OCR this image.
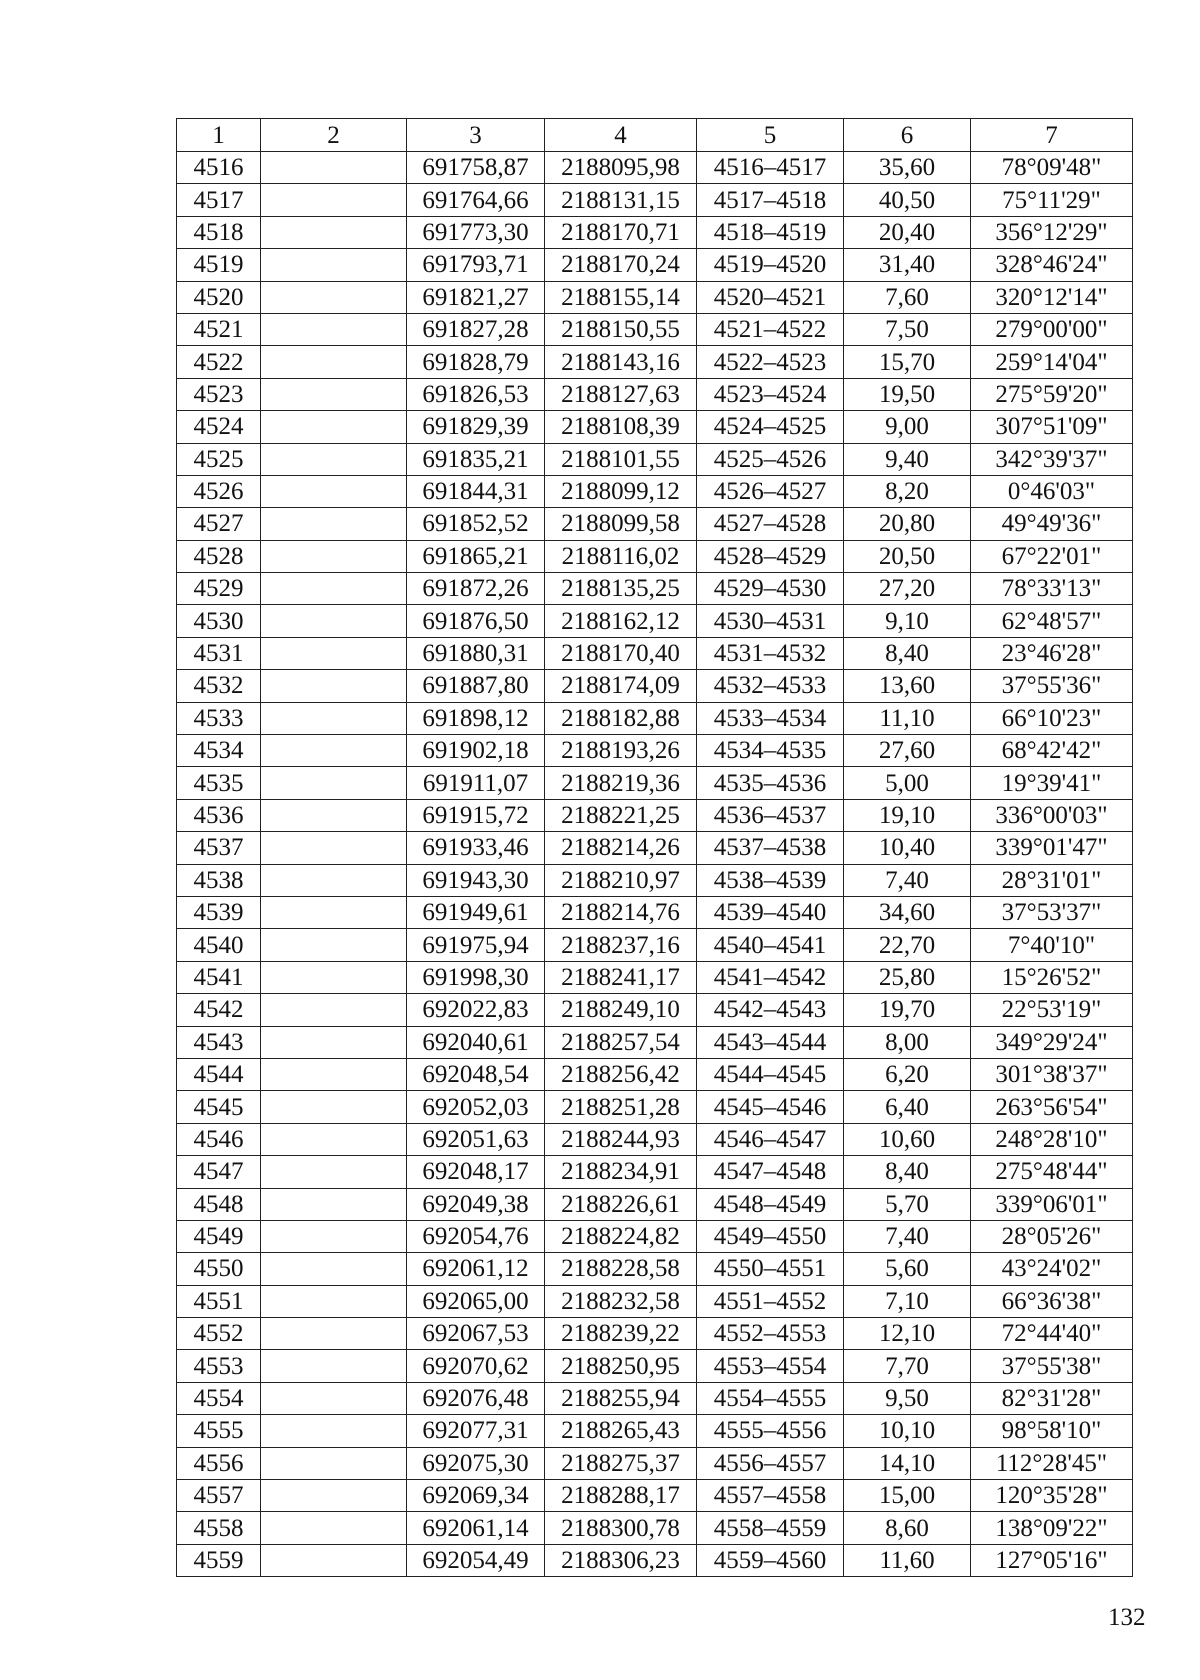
1	2	3	4	5	6	7
4516		691758,87	2188095,98	4516–4517	35,60	78°09'48"
4517		691764,66	2188131,15	4517–4518	40,50	75°11'29"
4518		691773,30	2188170,71	4518–4519	20,40	356°12'29"
4519		691793,71	2188170,24	4519–4520	31,40	328°46'24"
4520		691821,27	2188155,14	4520–4521	7,60	320°12'14"
4521		691827,28	2188150,55	4521–4522	7,50	279°00'00"
4522		691828,79	2188143,16	4522–4523	15,70	259°14'04"
4523		691826,53	2188127,63	4523–4524	19,50	275°59'20"
4524		691829,39	2188108,39	4524–4525	9,00	307°51'09"
4525		691835,21	2188101,55	4525–4526	9,40	342°39'37"
4526		691844,31	2188099,12	4526–4527	8,20	0°46'03"
4527		691852,52	2188099,58	4527–4528	20,80	49°49'36"
4528		691865,21	2188116,02	4528–4529	20,50	67°22'01"
4529		691872,26	2188135,25	4529–4530	27,20	78°33'13"
4530		691876,50	2188162,12	4530–4531	9,10	62°48'57"
4531		691880,31	2188170,40	4531–4532	8,40	23°46'28"
4532		691887,80	2188174,09	4532–4533	13,60	37°55'36"
4533		691898,12	2188182,88	4533–4534	11,10	66°10'23"
4534		691902,18	2188193,26	4534–4535	27,60	68°42'42"
4535		691911,07	2188219,36	4535–4536	5,00	19°39'41"
4536		691915,72	2188221,25	4536–4537	19,10	336°00'03"
4537		691933,46	2188214,26	4537–4538	10,40	339°01'47"
4538		691943,30	2188210,97	4538–4539	7,40	28°31'01"
4539		691949,61	2188214,76	4539–4540	34,60	37°53'37"
4540		691975,94	2188237,16	4540–4541	22,70	7°40'10"
4541		691998,30	2188241,17	4541–4542	25,80	15°26'52"
4542		692022,83	2188249,10	4542–4543	19,70	22°53'19"
4543		692040,61	2188257,54	4543–4544	8,00	349°29'24"
4544		692048,54	2188256,42	4544–4545	6,20	301°38'37"
4545		692052,03	2188251,28	4545–4546	6,40	263°56'54"
4546		692051,63	2188244,93	4546–4547	10,60	248°28'10"
4547		692048,17	2188234,91	4547–4548	8,40	275°48'44"
4548		692049,38	2188226,61	4548–4549	5,70	339°06'01"
4549		692054,76	2188224,82	4549–4550	7,40	28°05'26"
4550		692061,12	2188228,58	4550–4551	5,60	43°24'02"
4551		692065,00	2188232,58	4551–4552	7,10	66°36'38"
4552		692067,53	2188239,22	4552–4553	12,10	72°44'40"
4553		692070,62	2188250,95	4553–4554	7,70	37°55'38"
4554		692076,48	2188255,94	4554–4555	9,50	82°31'28"
4555		692077,31	2188265,43	4555–4556	10,10	98°58'10"
4556		692075,30	2188275,37	4556–4557	14,10	112°28'45"
4557		692069,34	2188288,17	4557–4558	15,00	120°35'28"
4558		692061,14	2188300,78	4558–4559	8,60	138°09'22"
4559		692054,49	2188306,23	4559–4560	11,60	127°05'16"
132
